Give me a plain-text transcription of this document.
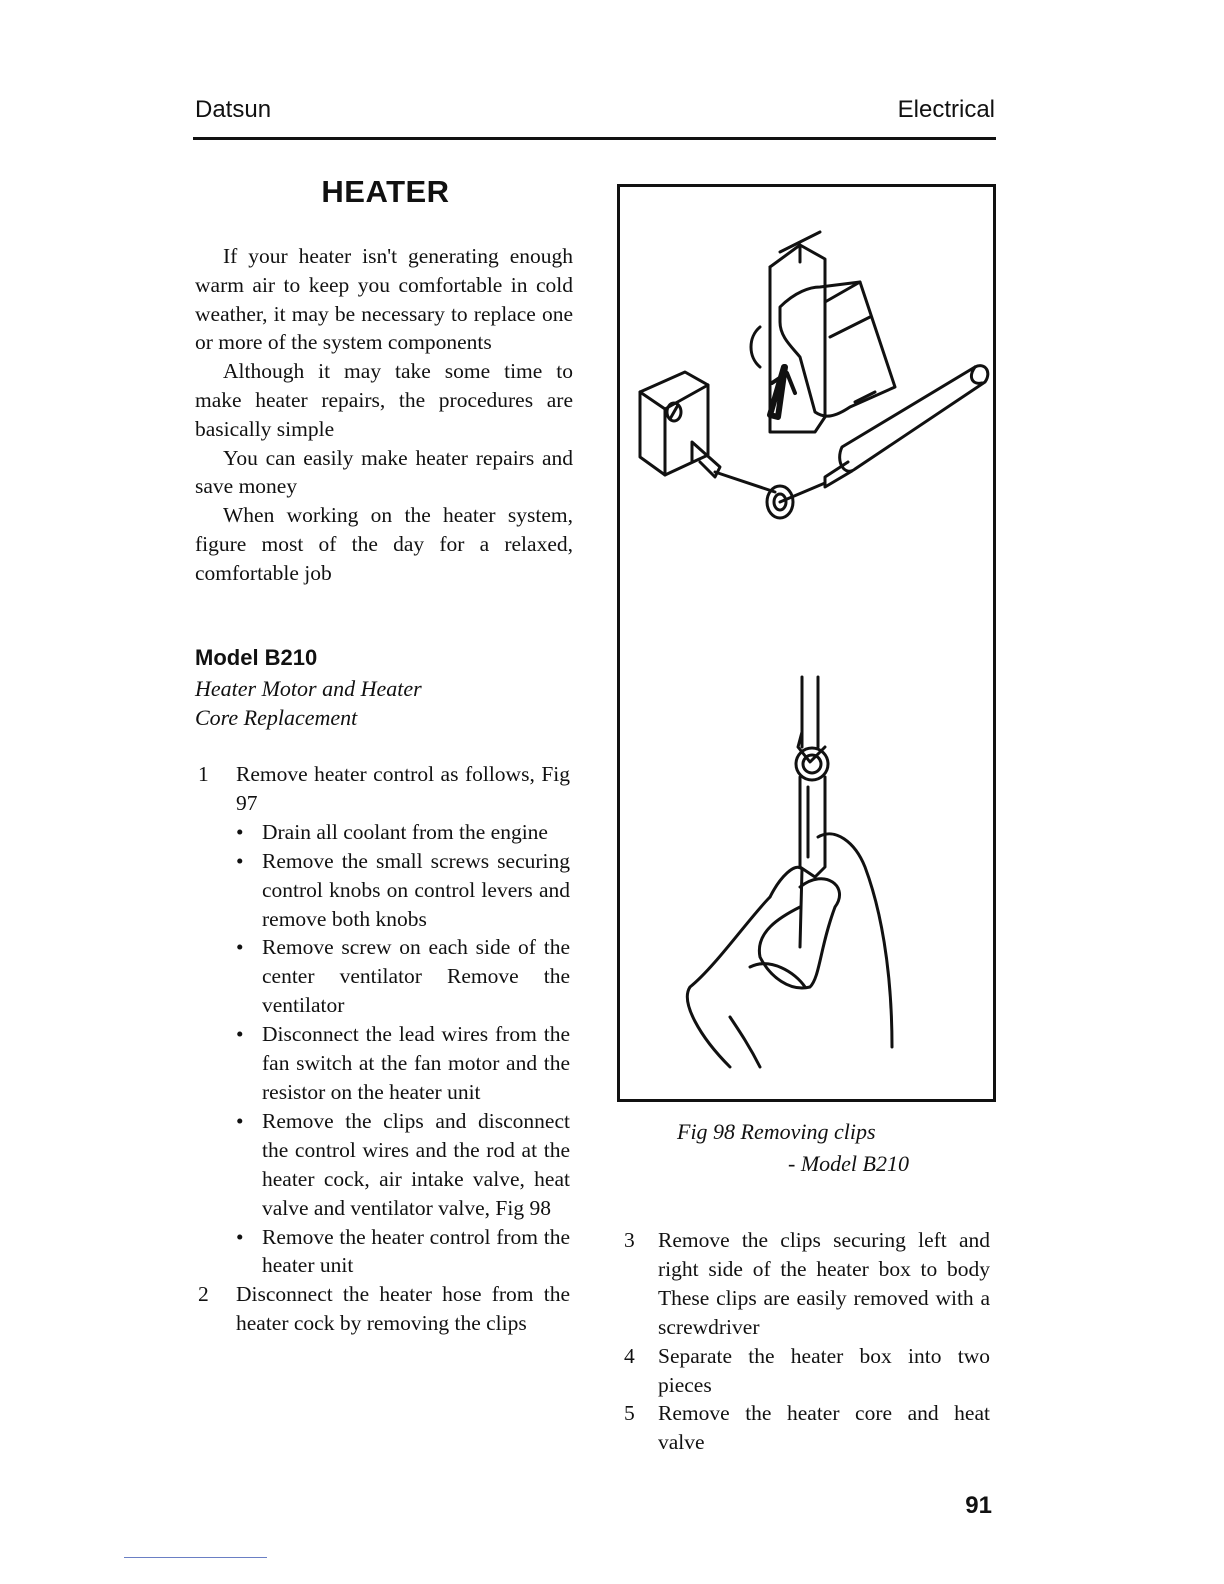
Datsun	Electrical
HEATER

If your heater isn't generating enough warm air to keep you comfortable in cold weather, it may be necessary to replace one or more of the system components

Although it may take some time to make heater repairs, the procedures are basically simple

You can easily make heater repairs and save money

When working on the heater system, figure most of the day for a relaxed, comfortable job

Model B210
Heater Motor and Heater
Core Replacement
1	Remove heater control as follows, Fig 97
• Drain all coolant from the engine
• Remove the small screws securing control knobs on control levers and remove both knobs
• Remove screw on each side of the center ventilator Remove the ventilator
• Disconnect the lead wires from the fan switch at the fan motor and the resistor on the heater unit
• Remove the clips and disconnect the control wires and the rod at the heater cock, air intake valve, heat valve and ventilator valve, Fig 98
• Remove the heater control from the heater unit
2	Disconnect the heater hose from the heater cock by removing the clips
Fig 98 Removing clips
- Model B210
3	Remove the clips securing left and right side of the heater box to body These clips are easily removed with a screwdriver
4	Separate the heater box into two pieces
5	Remove the heater core and heat valve
91
